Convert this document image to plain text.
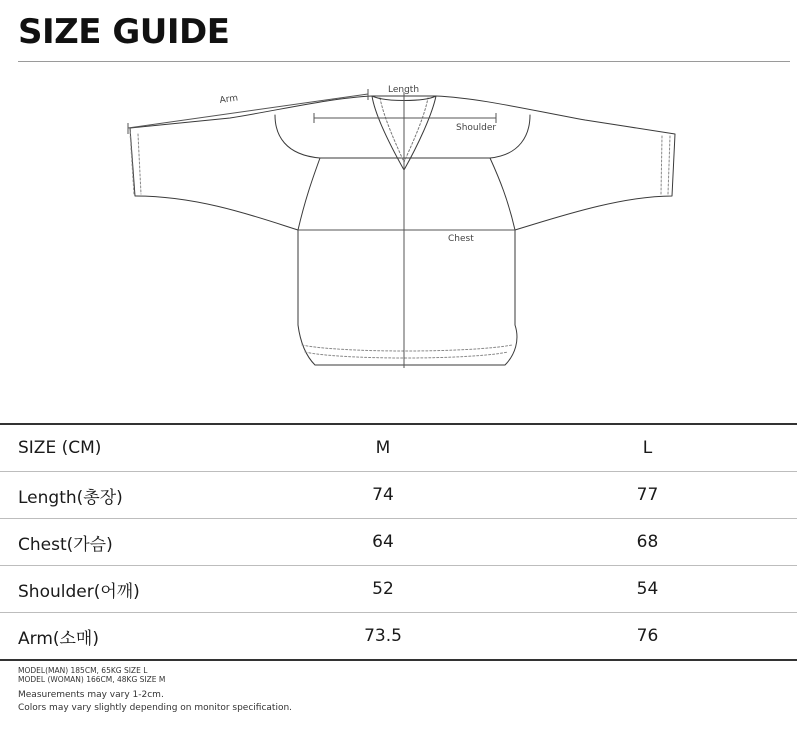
SIZE GUIDE
Arm
Length
Shoulder
Chest
SIZE (CM)	M	L
Length(총장)	74	77
Chest(가슴)	64	68
Shoulder(어깨)	52	54
Arm(소매)	73.5	76
MODEL(MAN) 185CM, 65KG SIZE L
MODEL (WOMAN) 166CM, 48KG SIZE M
Measurements may vary 1-2cm.
Colors may vary slightly depending on monitor specification.
